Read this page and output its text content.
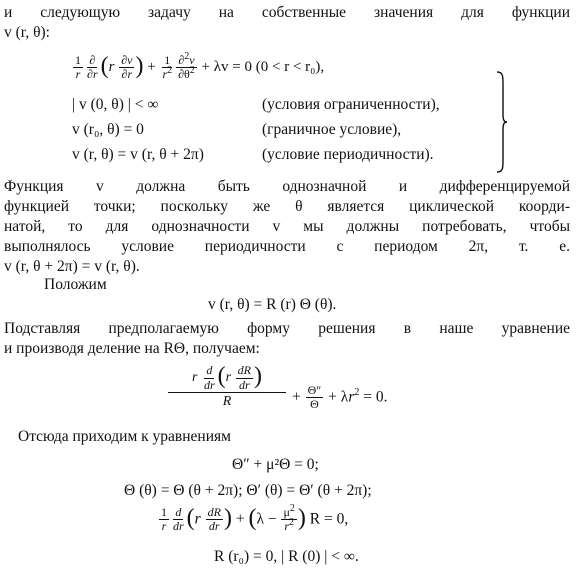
и следующую задачу на собственные значения для функции
v (r, θ):
$\frac{1}{r} \frac{\partial}{\partial r} (r \frac{\partial v}{\partial r}$ ) + $\frac{1}{r^2} \frac{\partial^2v}{\partial\theta^2} + \lambda v = 0$ (0 < r < r₀),
| v (0, θ) | < ∞	(условия ограниченности),
v (r₀, θ) = 0	(граничное условие),
v (r, θ) = v (r, θ + 2π)	(условие периодичности).
Функция v должна быть однозначной и дифференцируемой
функцией точки; поскольку же θ является циклической коорди-
натой, то для однозначности v мы должны потребовать, чтобы
выполнялось условие периодичности с периодом 2π, т. е.
v (r, θ + 2π) = v (r, θ).
Положим
v (r, θ) = R (r) Θ (θ).
Подставляя предполагаемую форму решения в наше уравнение
и производя деление на RΘ, получаем:
r
$\frac{d}{dr}$ ( r
$\frac{dR}{dr}$ )
R	+ $\frac{\Theta''}{\Theta} + \lambda r^2 = 0$.
Отсюда приходим к уравнениям
Θ″ + μ²Θ = 0;
Θ (θ) = Θ (θ + 2π); Θ′ (θ) = Θ′ (θ + 2π);
$\frac{1}{r} \frac{d}{dr} (r \frac{dR}{dr}$ ) + ($\lambda - \frac{\mu^2}{r^2}$ ) R = 0,
R (r₀) = 0, | R (0) | < ∞.
